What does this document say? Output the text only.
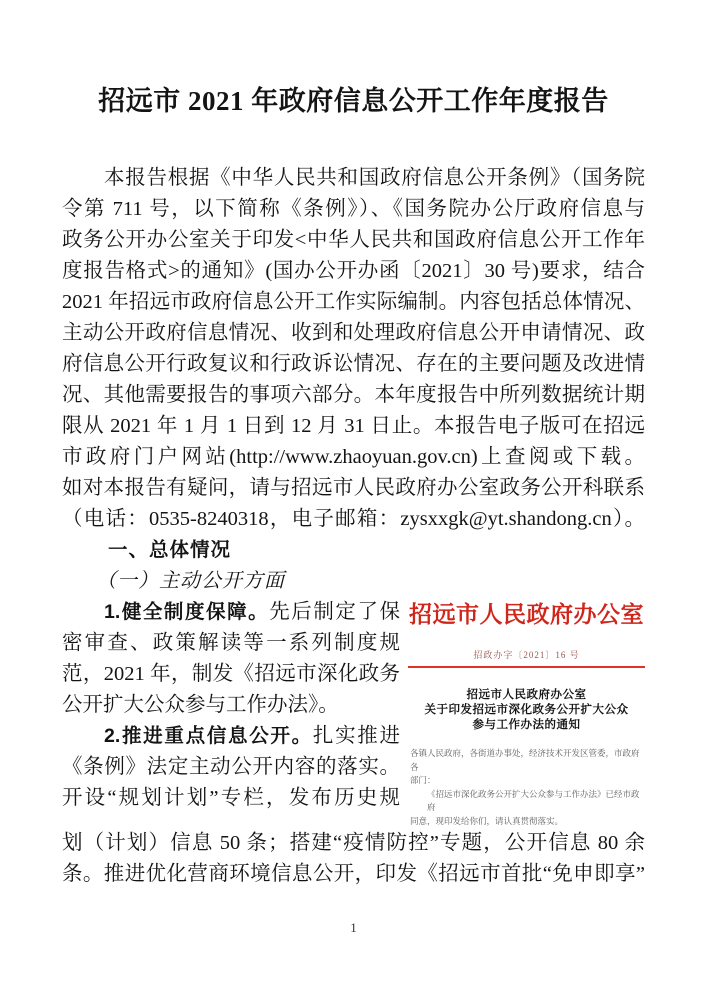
招远市 2021 年政府信息公开工作年度报告
本报告根据《中华人民共和国政府信息公开条例》（国务院
令第 711 号，以下简称《条例》）、《国务院办公厅政府信息与
政务公开办公室关于印发<中华人民共和国政府信息公开工作年
度报告格式>的通知》(国办公开办函〔2021〕30 号)要求，结合
2021 年招远市政府信息公开工作实际编制。内容包括总体情况、
主动公开政府信息情况、收到和处理政府信息公开申请情况、政
府信息公开行政复议和行政诉讼情况、存在的主要问题及改进情
况、其他需要报告的事项六部分。本年度报告中所列数据统计期
限从 2021 年 1 月 1 日到 12 月 31 日止。本报告电子版可在招远
市政府门户网站(http://www.zhaoyuan.gov.cn)上查阅或下载。
如对本报告有疑问，请与招远市人民政府办公室政务公开科联系
（电话：0535-8240318，电子邮箱：zysxxgk@yt.shandong.cn）。
一、总体情况
（一）主动公开方面
1.健全制度保障。先后制定了保
密审查、政策解读等一系列制度规
范，2021 年，制发《招远市深化政务
公开扩大公众参与工作办法》。
2.推进重点信息公开。扎实推进
《条例》法定主动公开内容的落实。
开设“规划计划”专栏，发布历史规
招远市人民政府办公室
招政办字〔2021〕16 号
招远市人民政府办公室
关于印发招远市深化政务公开扩大公众
参与工作办法的通知
各镇人民政府，各街道办事处，经济技术开发区管委，市政府各
部门：
《招远市深化政务公开扩大公众参与工作办法》已经市政府
同意，现印发给你们，请认真贯彻落实。
划（计划）信息 50 条；搭建“疫情防控”专题，公开信息 80 余
条。推进优化营商环境信息公开，印发《招远市首批“免申即享”
1
